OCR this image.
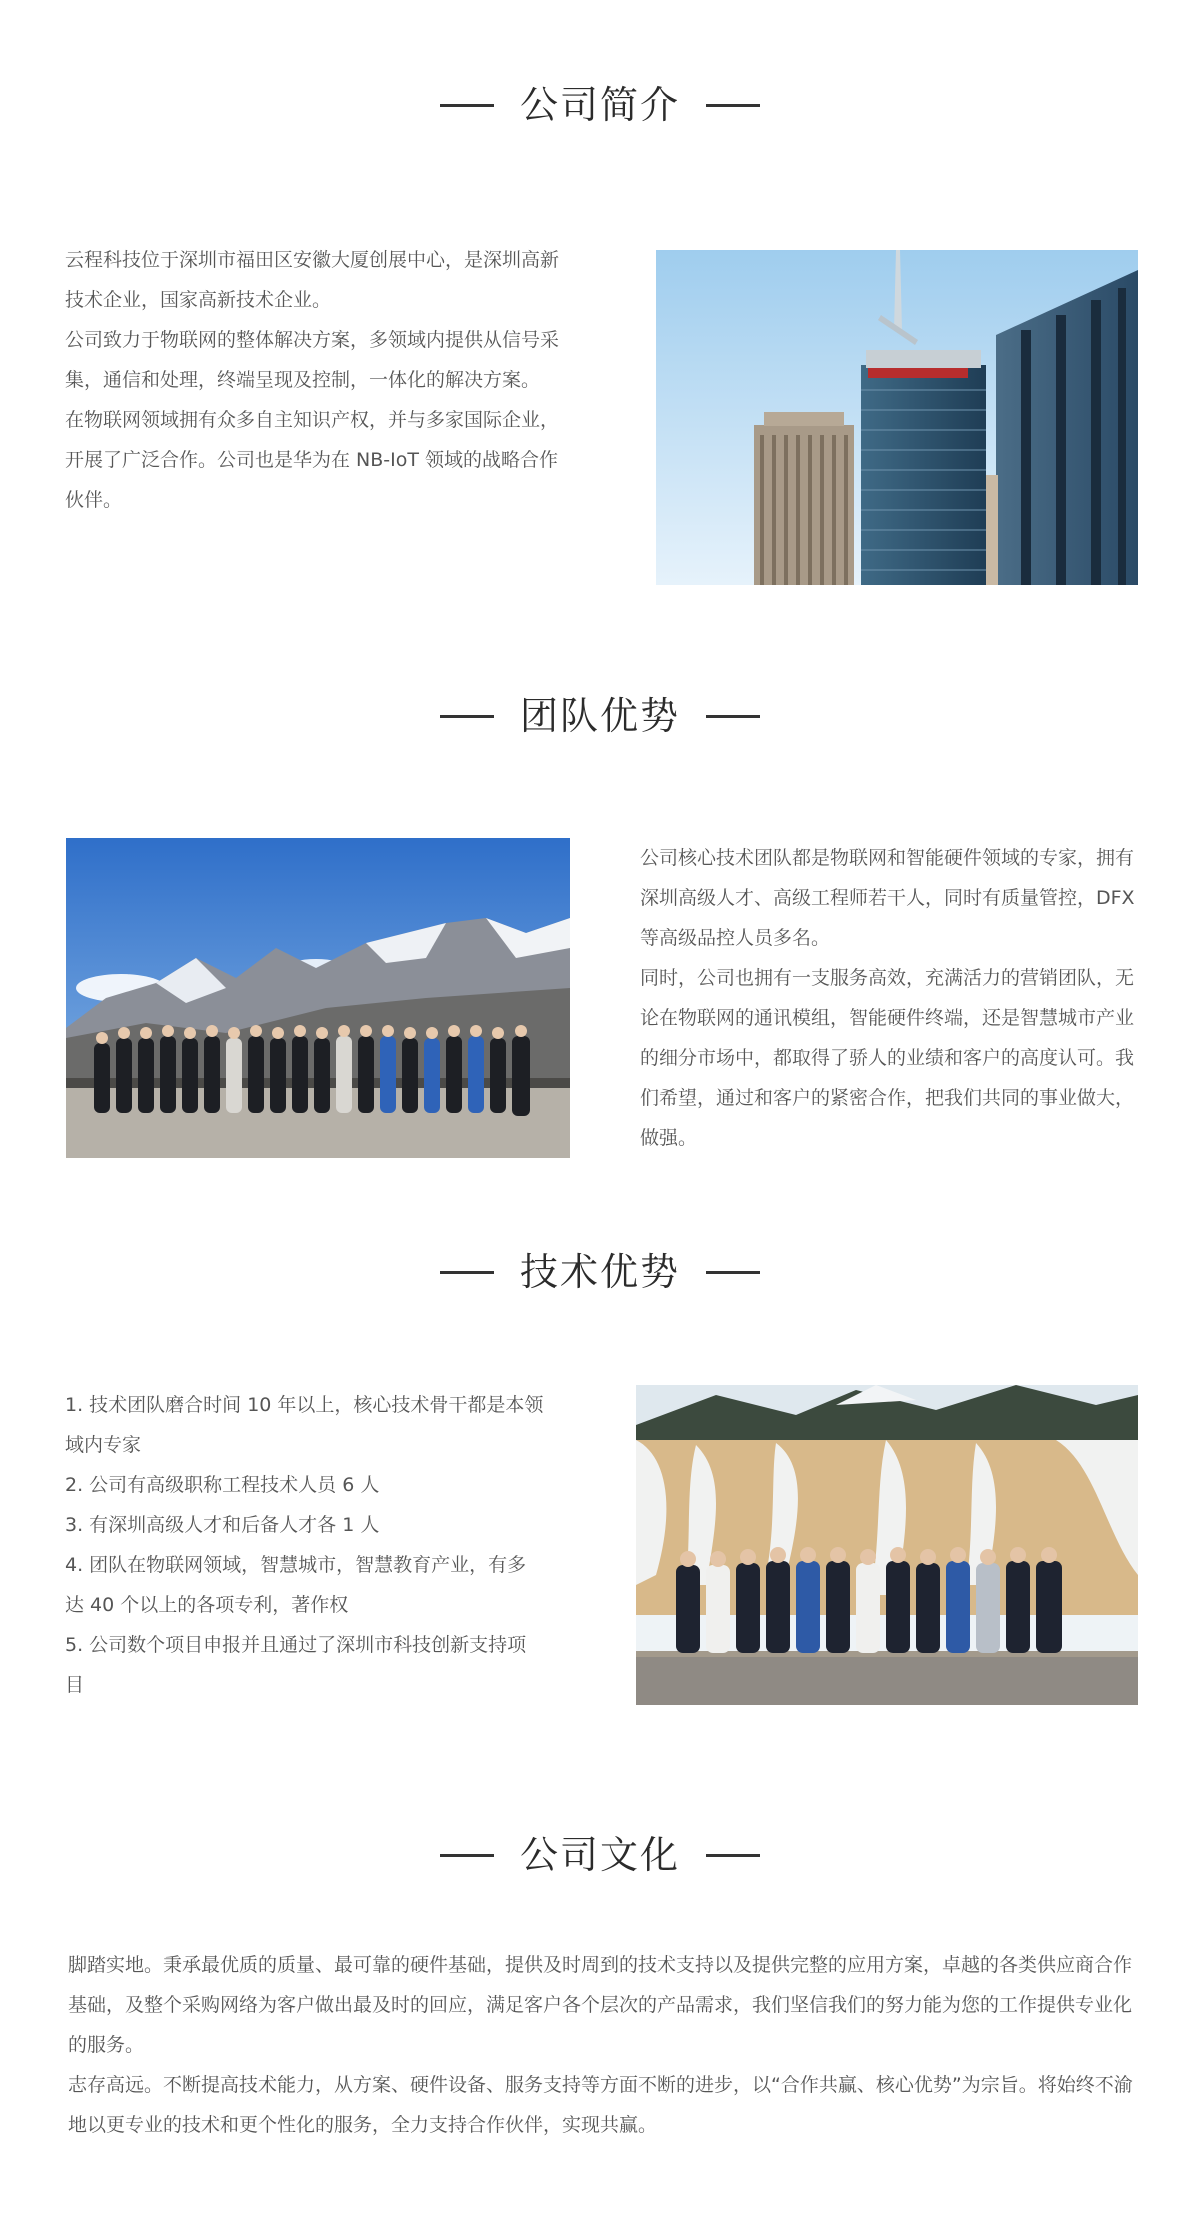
公司简介

云程科技位于深圳市福田区安徽大厦创展中心，是深圳高新技术企业，国家高新技术企业。

公司致力于物联网的整体解决方案，多领域内提供从信号采集，通信和处理，终端呈现及控制，一体化的解决方案。

在物联网领域拥有众多自主知识产权，并与多家国际企业，开展了广泛合作。公司也是华为在 NB-IoT 领域的战略合作伙伴。

团队优势

公司核心技术团队都是物联网和智能硬件领域的专家，拥有深圳高级人才、高级工程师若干人，同时有质量管控，DFX 等高级品控人员多名。

同时，公司也拥有一支服务高效，充满活力的营销团队，无论在物联网的通讯模组，智能硬件终端，还是智慧城市产业的细分市场中，都取得了骄人的业绩和客户的高度认可。我们希望，通过和客户的紧密合作，把我们共同的事业做大，做强。

技术优势

1. 技术团队磨合时间 10 年以上，核心技术骨干都是本领域内专家

2. 公司有高级职称工程技术人员 6 人

3. 有深圳高级人才和后备人才各 1 人

4. 团队在物联网领域，智慧城市，智慧教育产业，有多达 40 个以上的各项专利，著作权

5. 公司数个项目申报并且通过了深圳市科技创新支持项目

公司文化

脚踏实地。秉承最优质的质量、最可靠的硬件基础，提供及时周到的技术支持以及提供完整的应用方案，卓越的各类供应商合作基础，及整个采购网络为客户做出最及时的回应，满足客户各个层次的产品需求，我们坚信我们的努力能为您的工作提供专业化的服务。

志存高远。不断提高技术能力，从方案、硬件设备、服务支持等方面不断的进步，以“合作共赢、核心优势”为宗旨。将始终不渝地以更专业的技术和更个性化的服务，全力支持合作伙伴，实现共赢。
